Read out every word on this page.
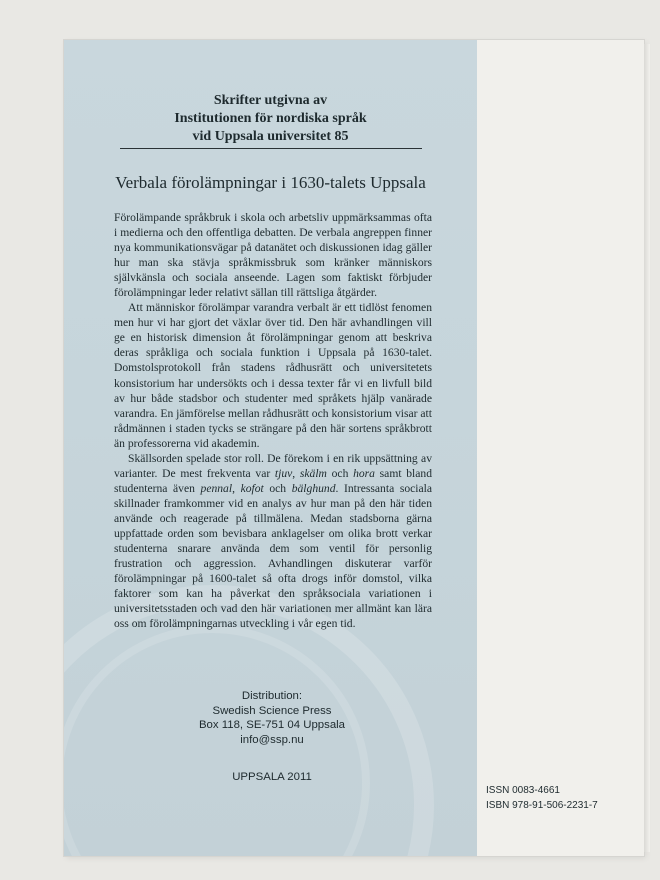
Skrifter utgivna av
Institutionen för nordiska språk
vid Uppsala universitet 85
Verbala förolämpningar i 1630-talets Uppsala

Förolämpande språkbruk i skola och arbetsliv uppmärksammas ofta i medierna och den offentliga debatten. De verbala angreppen finner nya kommunikationsvägar på datanätet och diskussionen idag gäller hur man ska stävja språkmissbruk som kränker människors självkänsla och sociala anseende. Lagen som faktiskt förbjuder förolämpningar leder relativt sällan till rättsliga åtgärder.

Att människor förolämpar varandra verbalt är ett tidlöst fenomen men hur vi har gjort det växlar över tid. Den här avhandlingen vill ge en historisk dimension åt förolämpningar genom att beskriva deras språkliga och sociala funktion i Uppsala på 1630-talet. Domstolsprotokoll från stadens rådhusrätt och universitetets konsistorium har undersökts och i dessa texter får vi en livfull bild av hur både stadsbor och studenter med språkets hjälp vanärade varandra. En jämförelse mellan rådhusrätt och konsistorium visar att rådmännen i staden tycks se strängare på den här sortens språkbrott än professorerna vid akademin.

Skällsorden spelade stor roll. De förekom i en rik uppsättning av varianter. De mest frekventa var tjuv, skälm och hora samt bland studenterna även pennal, kofot och bälghund. Intressanta sociala skillnader framkommer vid en analys av hur man på den här tiden använde och reagerade på tillmälena. Medan stadsborna gärna uppfattade orden som bevisbara anklagelser om olika brott verkar studenterna snarare använda dem som ventil för personlig frustration och aggression. Avhandlingen diskuterar varför förolämpningar på 1600-talet så ofta drogs inför domstol, vilka faktorer som kan ha påverkat den språksociala variationen i universitetsstaden och vad den här variationen mer allmänt kan lära oss om förolämpningarnas utveckling i vår egen tid.

Distribution:
Swedish Science Press
Box 118, SE-751 04 Uppsala
info@ssp.nu
UPPSALA 2011
ISSN 0083-4661
ISBN 978-91-506-2231-7
